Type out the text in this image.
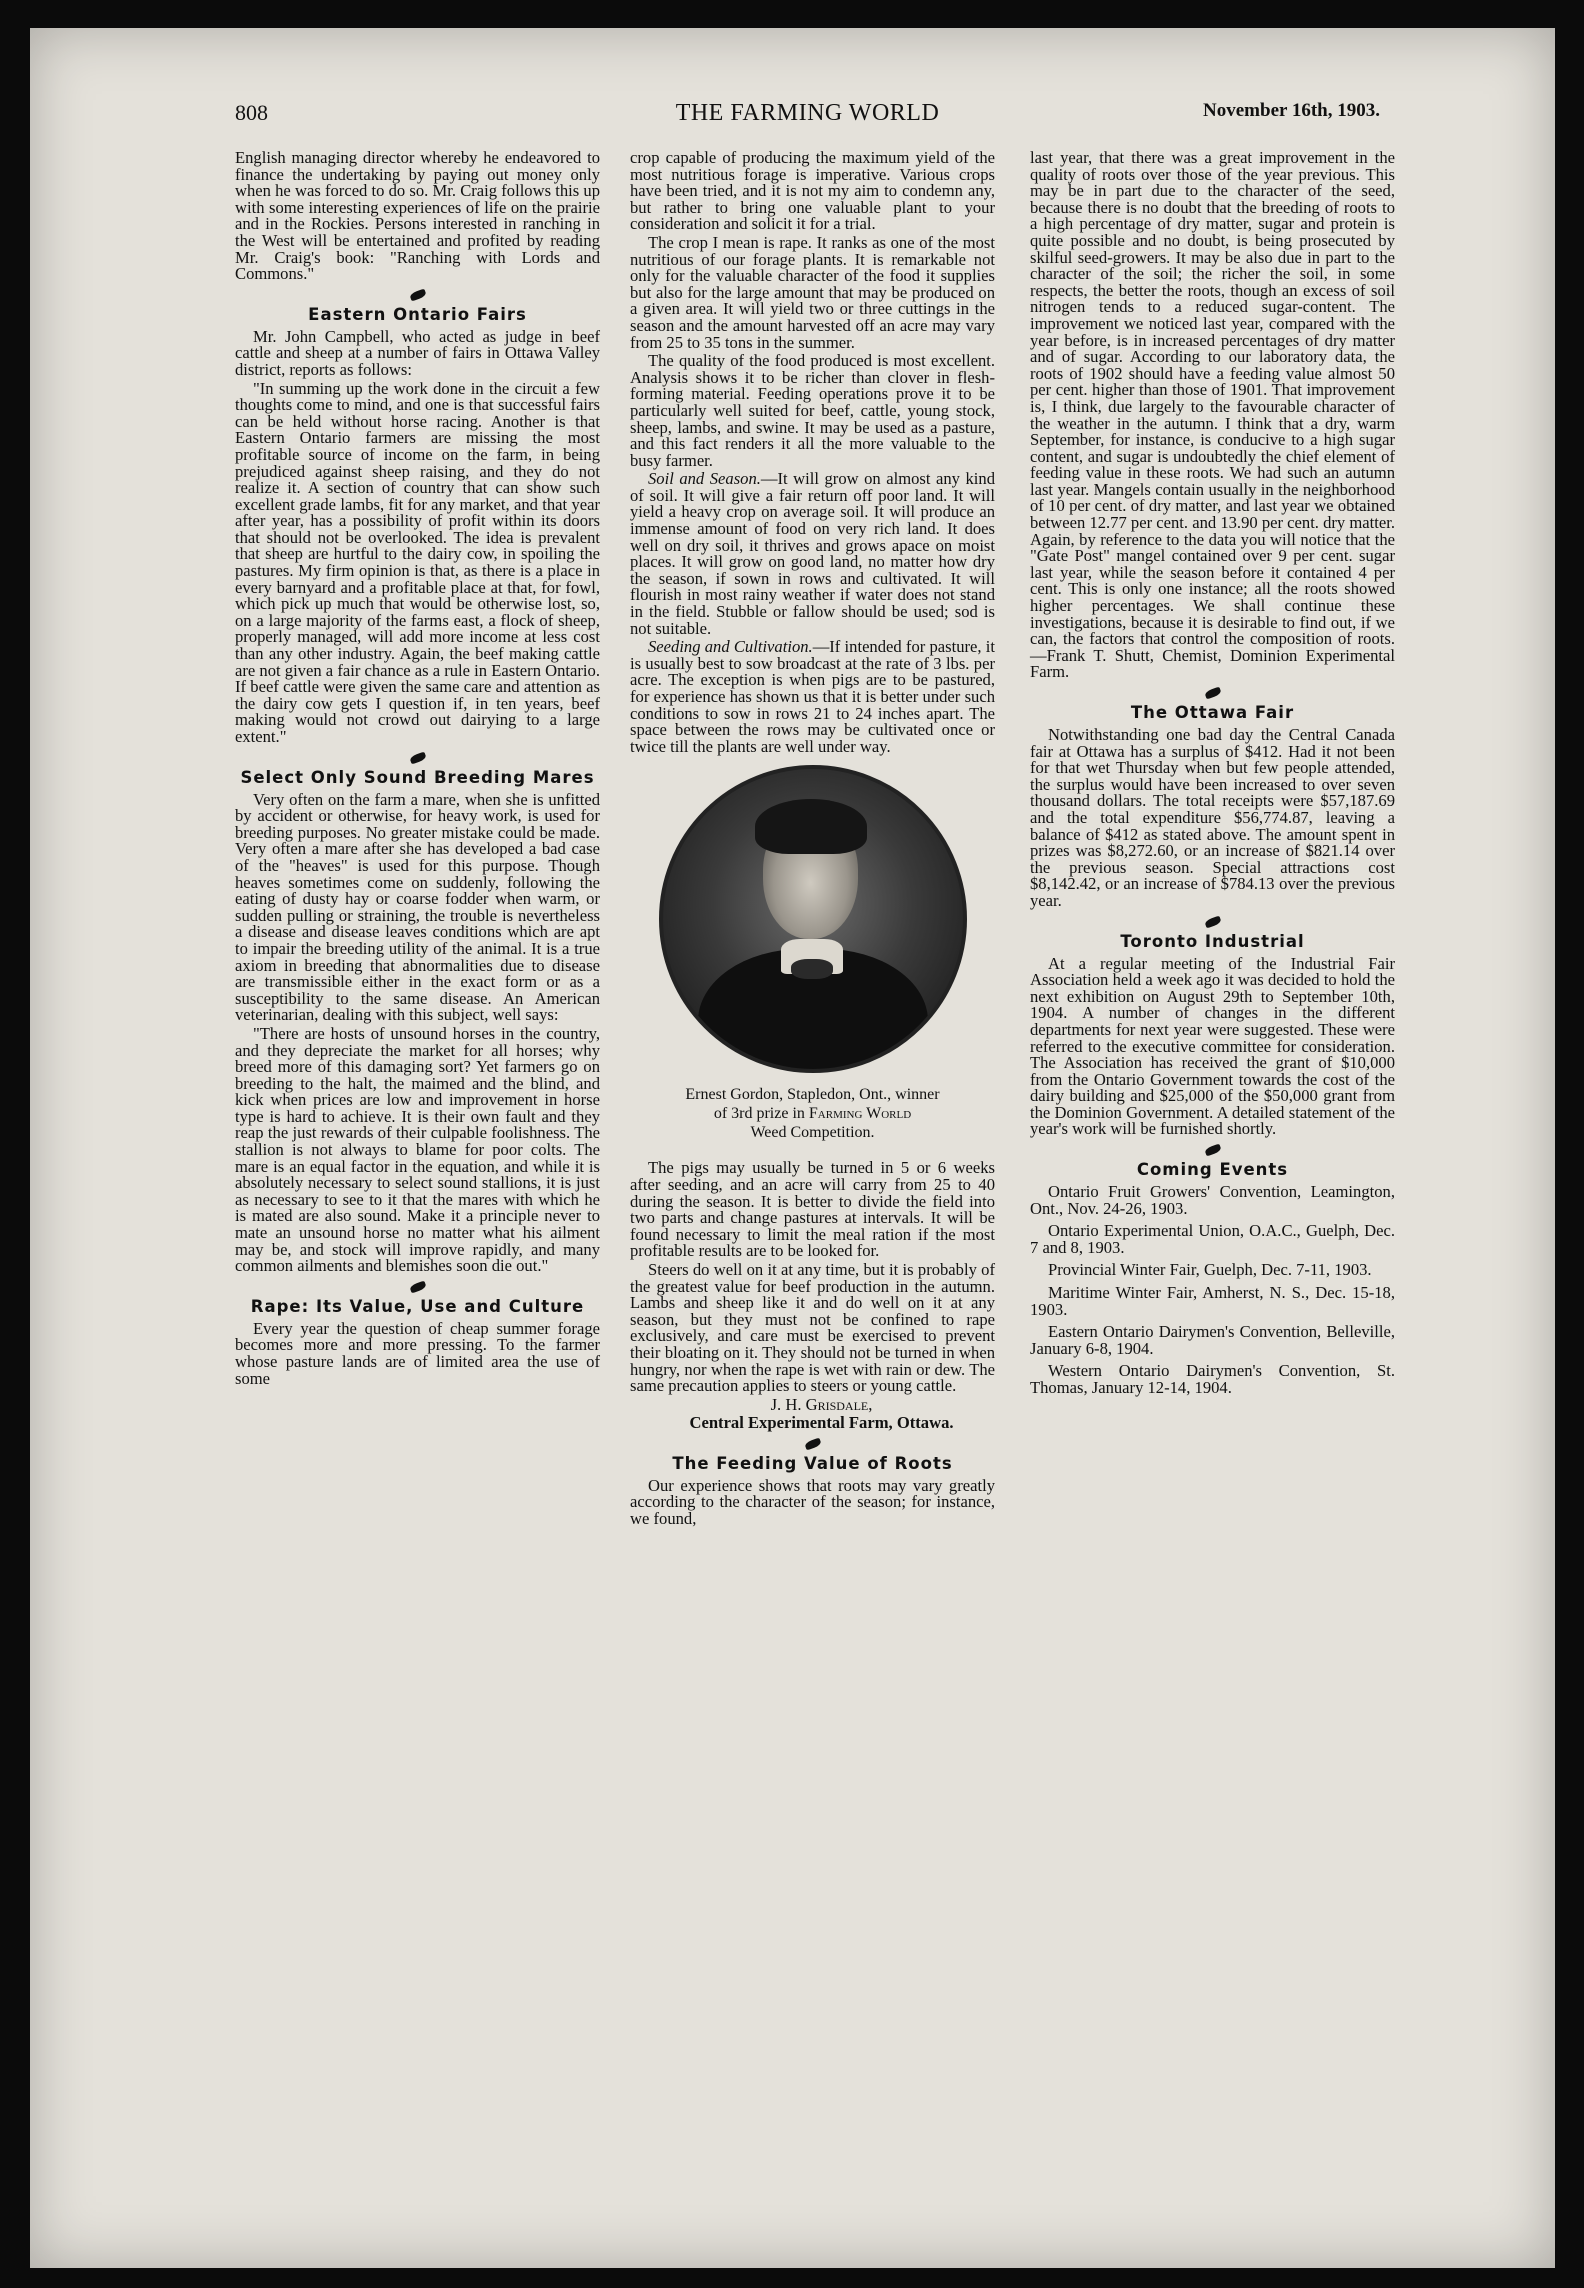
808	THE FARMING WORLD	November 16th, 1903.

English managing director whereby he endeavored to finance the undertaking by paying out money only when he was forced to do so. Mr. Craig follows this up with some interesting experiences of life on the prairie and in the Rockies. Persons interested in ranching in the West will be entertained and profited by reading Mr. Craig's book: "Ranching with Lords and Commons."

Eastern Ontario Fairs

Mr. John Campbell, who acted as judge in beef cattle and sheep at a number of fairs in Ottawa Valley district, reports as follows:

"In summing up the work done in the circuit a few thoughts come to mind, and one is that successful fairs can be held without horse racing. Another is that Eastern Ontario farmers are missing the most profitable source of income on the farm, in being prejudiced against sheep raising, and they do not realize it. A section of country that can show such excellent grade lambs, fit for any market, and that year after year, has a possibility of profit within its doors that should not be overlooked. The idea is prevalent that sheep are hurtful to the dairy cow, in spoiling the pastures. My firm opinion is that, as there is a place in every barnyard and a profitable place at that, for fowl, which pick up much that would be otherwise lost, so, on a large majority of the farms east, a flock of sheep, properly managed, will add more income at less cost than any other industry. Again, the beef making cattle are not given a fair chance as a rule in Eastern Ontario. If beef cattle were given the same care and attention as the dairy cow gets I question if, in ten years, beef making would not crowd out dairying to a large extent."

Select Only Sound Breeding Mares

Very often on the farm a mare, when she is unfitted by accident or otherwise, for heavy work, is used for breeding purposes. No greater mistake could be made. Very often a mare after she has developed a bad case of the "heaves" is used for this purpose. Though heaves sometimes come on suddenly, following the eating of dusty hay or coarse fodder when warm, or sudden pulling or straining, the trouble is nevertheless a disease and disease leaves conditions which are apt to impair the breeding utility of the animal. It is a true axiom in breeding that abnormalities due to disease are transmissible either in the exact form or as a susceptibility to the same disease. An American veterinarian, dealing with this subject, well says:

"There are hosts of unsound horses in the country, and they depreciate the market for all horses; why breed more of this damaging sort? Yet farmers go on breeding to the halt, the maimed and the blind, and kick when prices are low and improvement in horse type is hard to achieve. It is their own fault and they reap the just rewards of their culpable foolishness. The stallion is not always to blame for poor colts. The mare is an equal factor in the equation, and while it is absolutely necessary to select sound stallions, it is just as necessary to see to it that the mares with which he is mated are also sound. Make it a principle never to mate an unsound horse no matter what his ailment may be, and stock will improve rapidly, and many common ailments and blemishes soon die out."

Rape: Its Value, Use and Culture

Every year the question of cheap summer forage becomes more and more pressing. To the farmer whose pasture lands are of limited area the use of some

crop capable of producing the maximum yield of the most nutritious forage is imperative. Various crops have been tried, and it is not my aim to condemn any, but rather to bring one valuable plant to your consideration and solicit it for a trial.

The crop I mean is rape. It ranks as one of the most nutritious of our forage plants. It is remarkable not only for the valuable character of the food it supplies but also for the large amount that may be produced on a given area. It will yield two or three cuttings in the season and the amount harvested off an acre may vary from 25 to 35 tons in the summer.

The quality of the food produced is most excellent. Analysis shows it to be richer than clover in flesh-forming material. Feeding operations prove it to be particularly well suited for beef, cattle, young stock, sheep, lambs, and swine. It may be used as a pasture, and this fact renders it all the more valuable to the busy farmer.

Soil and Season.—It will grow on almost any kind of soil. It will give a fair return off poor land. It will yield a heavy crop on average soil. It will produce an immense amount of food on very rich land. It does well on dry soil, it thrives and grows apace on moist places. It will grow on good land, no matter how dry the season, if sown in rows and cultivated. It will flourish in most rainy weather if water does not stand in the field. Stubble or fallow should be used; sod is not suitable.

Seeding and Cultivation.—If intended for pasture, it is usually best to sow broadcast at the rate of 3 lbs. per acre. The exception is when pigs are to be pastured, for experience has shown us that it is better under such conditions to sow in rows 21 to 24 inches apart. The space between the rows may be cultivated once or twice till the plants are well under way.

Ernest Gordon, Stapledon, Ont., winner
of 3rd prize in Farming World
Weed Competition.

The pigs may usually be turned in 5 or 6 weeks after seeding, and an acre will carry from 25 to 40 during the season. It is better to divide the field into two parts and change pastures at intervals. It will be found necessary to limit the meal ration if the most profitable results are to be looked for.

Steers do well on it at any time, but it is probably of the greatest value for beef production in the autumn. Lambs and sheep like it and do well on it at any season, but they must not be confined to rape exclusively, and care must be exercised to prevent their bloating on it. They should not be turned in when hungry, nor when the rape is wet with rain or dew. The same precaution applies to steers or young cattle.

J. H. Grisdale,

Central Experimental Farm, Ottawa.

The Feeding Value of Roots

Our experience shows that roots may vary greatly according to the character of the season; for instance, we found,

last year, that there was a great improvement in the quality of roots over those of the year previous. This may be in part due to the character of the seed, because there is no doubt that the breeding of roots to a high percentage of dry matter, sugar and protein is quite possible and no doubt, is being prosecuted by skilful seed-growers. It may be also due in part to the character of the soil; the richer the soil, in some respects, the better the roots, though an excess of soil nitrogen tends to a reduced sugar-content. The improvement we noticed last year, compared with the year before, is in increased percentages of dry matter and of sugar. According to our laboratory data, the roots of 1902 should have a feeding value almost 50 per cent. higher than those of 1901. That improvement is, I think, due largely to the favourable character of the weather in the autumn. I think that a dry, warm September, for instance, is conducive to a high sugar content, and sugar is undoubtedly the chief element of feeding value in these roots. We had such an autumn last year. Mangels contain usually in the neighborhood of 10 per cent. of dry matter, and last year we obtained between 12.77 per cent. and 13.90 per cent. dry matter. Again, by reference to the data you will notice that the "Gate Post" mangel contained over 9 per cent. sugar last year, while the season before it contained 4 per cent. This is only one instance; all the roots showed higher percentages. We shall continue these investigations, because it is desirable to find out, if we can, the factors that control the composition of roots.—Frank T. Shutt, Chemist, Dominion Experimental Farm.

The Ottawa Fair

Notwithstanding one bad day the Central Canada fair at Ottawa has a surplus of $412. Had it not been for that wet Thursday when but few people attended, the surplus would have been increased to over seven thousand dollars. The total receipts were $57,187.69 and the total expenditure $56,774.87, leaving a balance of $412 as stated above. The amount spent in prizes was $8,272.60, or an increase of $821.14 over the previous season. Special attractions cost $8,142.42, or an increase of $784.13 over the previous year.

Toronto Industrial

At a regular meeting of the Industrial Fair Association held a week ago it was decided to hold the next exhibition on August 29th to September 10th, 1904. A number of changes in the different departments for next year were suggested. These were referred to the executive committee for consideration. The Association has received the grant of $10,000 from the Ontario Government towards the cost of the dairy building and $25,000 of the $50,000 grant from the Dominion Government. A detailed statement of the year's work will be furnished shortly.

Coming Events

Ontario Fruit Growers' Convention, Leamington, Ont., Nov. 24-26, 1903.

Ontario Experimental Union, O.A.C., Guelph, Dec. 7 and 8, 1903.

Provincial Winter Fair, Guelph, Dec. 7-11, 1903.

Maritime Winter Fair, Amherst, N. S., Dec. 15-18, 1903.

Eastern Ontario Dairymen's Convention, Belleville, January 6-8, 1904.

Western Ontario Dairymen's Convention, St. Thomas, January 12-14, 1904.
